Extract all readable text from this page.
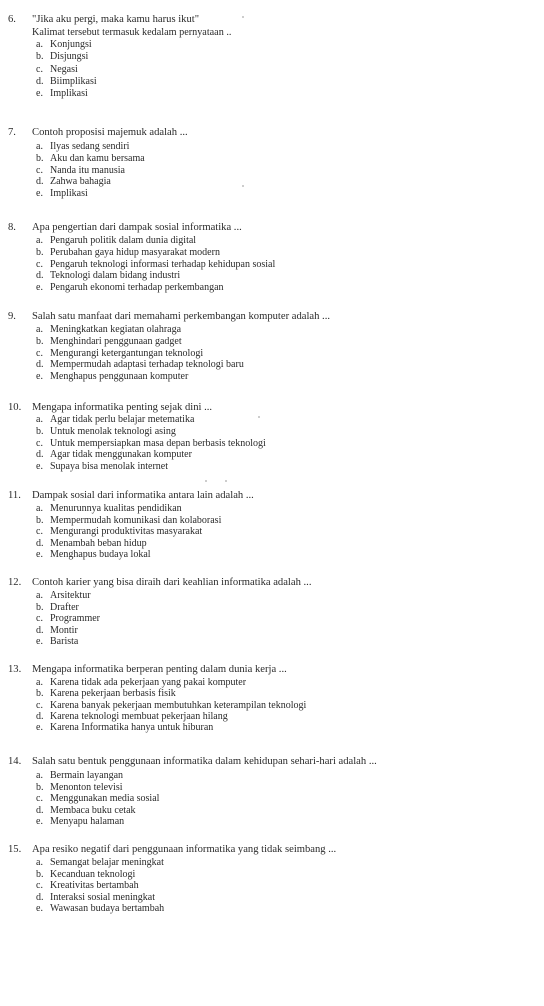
6. "Jika aku pergi, maka kamu harus ikut"
Kalimat tersebut termasuk kedalam pernyataan ..
a. Konjungsi
b. Disjungsi
c. Negasi
d. Biimplikasi
e. Implikasi
7. Contoh proposisi majemuk adalah ...
a. Ilyas sedang sendiri
b. Aku dan kamu bersama
c. Nanda itu manusia
d. Zahwa bahagia
e. Implikasi
8. Apa pengertian dari dampak sosial informatika ...
a. Pengaruh politik dalam dunia digital
b. Perubahan gaya hidup masyarakat modern
c. Pengaruh teknologi informasi terhadap kehidupan sosial
d. Teknologi dalam bidang industri
e. Pengaruh ekonomi terhadap perkembangan
9. Salah satu manfaat dari memahami perkembangan komputer adalah ...
a. Meningkatkan kegiatan olahraga
b. Menghindari penggunaan gadget
c. Mengurangi ketergantungan teknologi
d. Mempermudah adaptasi terhadap teknologi baru
e. Menghapus penggunaan komputer
10. Mengapa informatika penting sejak dini ...
a. Agar tidak perlu belajar metematika
b. Untuk menolak teknologi asing
c. Untuk mempersiapkan masa depan berbasis teknologi
d. Agar tidak menggunakan komputer
e. Supaya bisa menolak internet
11. Dampak sosial dari informatika antara lain adalah ...
a. Menurunnya kualitas pendidikan
b. Mempermudah komunikasi dan kolaborasi
c. Mengurangi produktivitas masyarakat
d. Menambah beban hidup
e. Menghapus budaya lokal
12. Contoh karier yang bisa diraih dari keahlian informatika adalah ...
a. Arsitektur
b. Drafter
c. Programmer
d. Montir
e. Barista
13. Mengapa informatika berperan penting dalam dunia kerja ...
a. Karena tidak ada pekerjaan yang pakai komputer
b. Karena pekerjaan berbasis fisik
c. Karena banyak pekerjaan membutuhkan keterampilan teknologi
d. Karena teknologi membuat pekerjaan hilang
e. Karena Informatika hanya untuk hiburan
14. Salah satu bentuk penggunaan informatika dalam kehidupan sehari-hari adalah ...
a. Bermain layangan
b. Menonton televisi
c. Menggunakan media sosial
d. Membaca buku cetak
e. Menyapu halaman
15. Apa resiko negatif dari penggunaan informatika yang tidak seimbang ...
a. Semangat belajar meningkat
b. Kecanduan teknologi
c. Kreativitas bertambah
d. Interaksi sosial meningkat
e. Wawasan budaya bertambah
